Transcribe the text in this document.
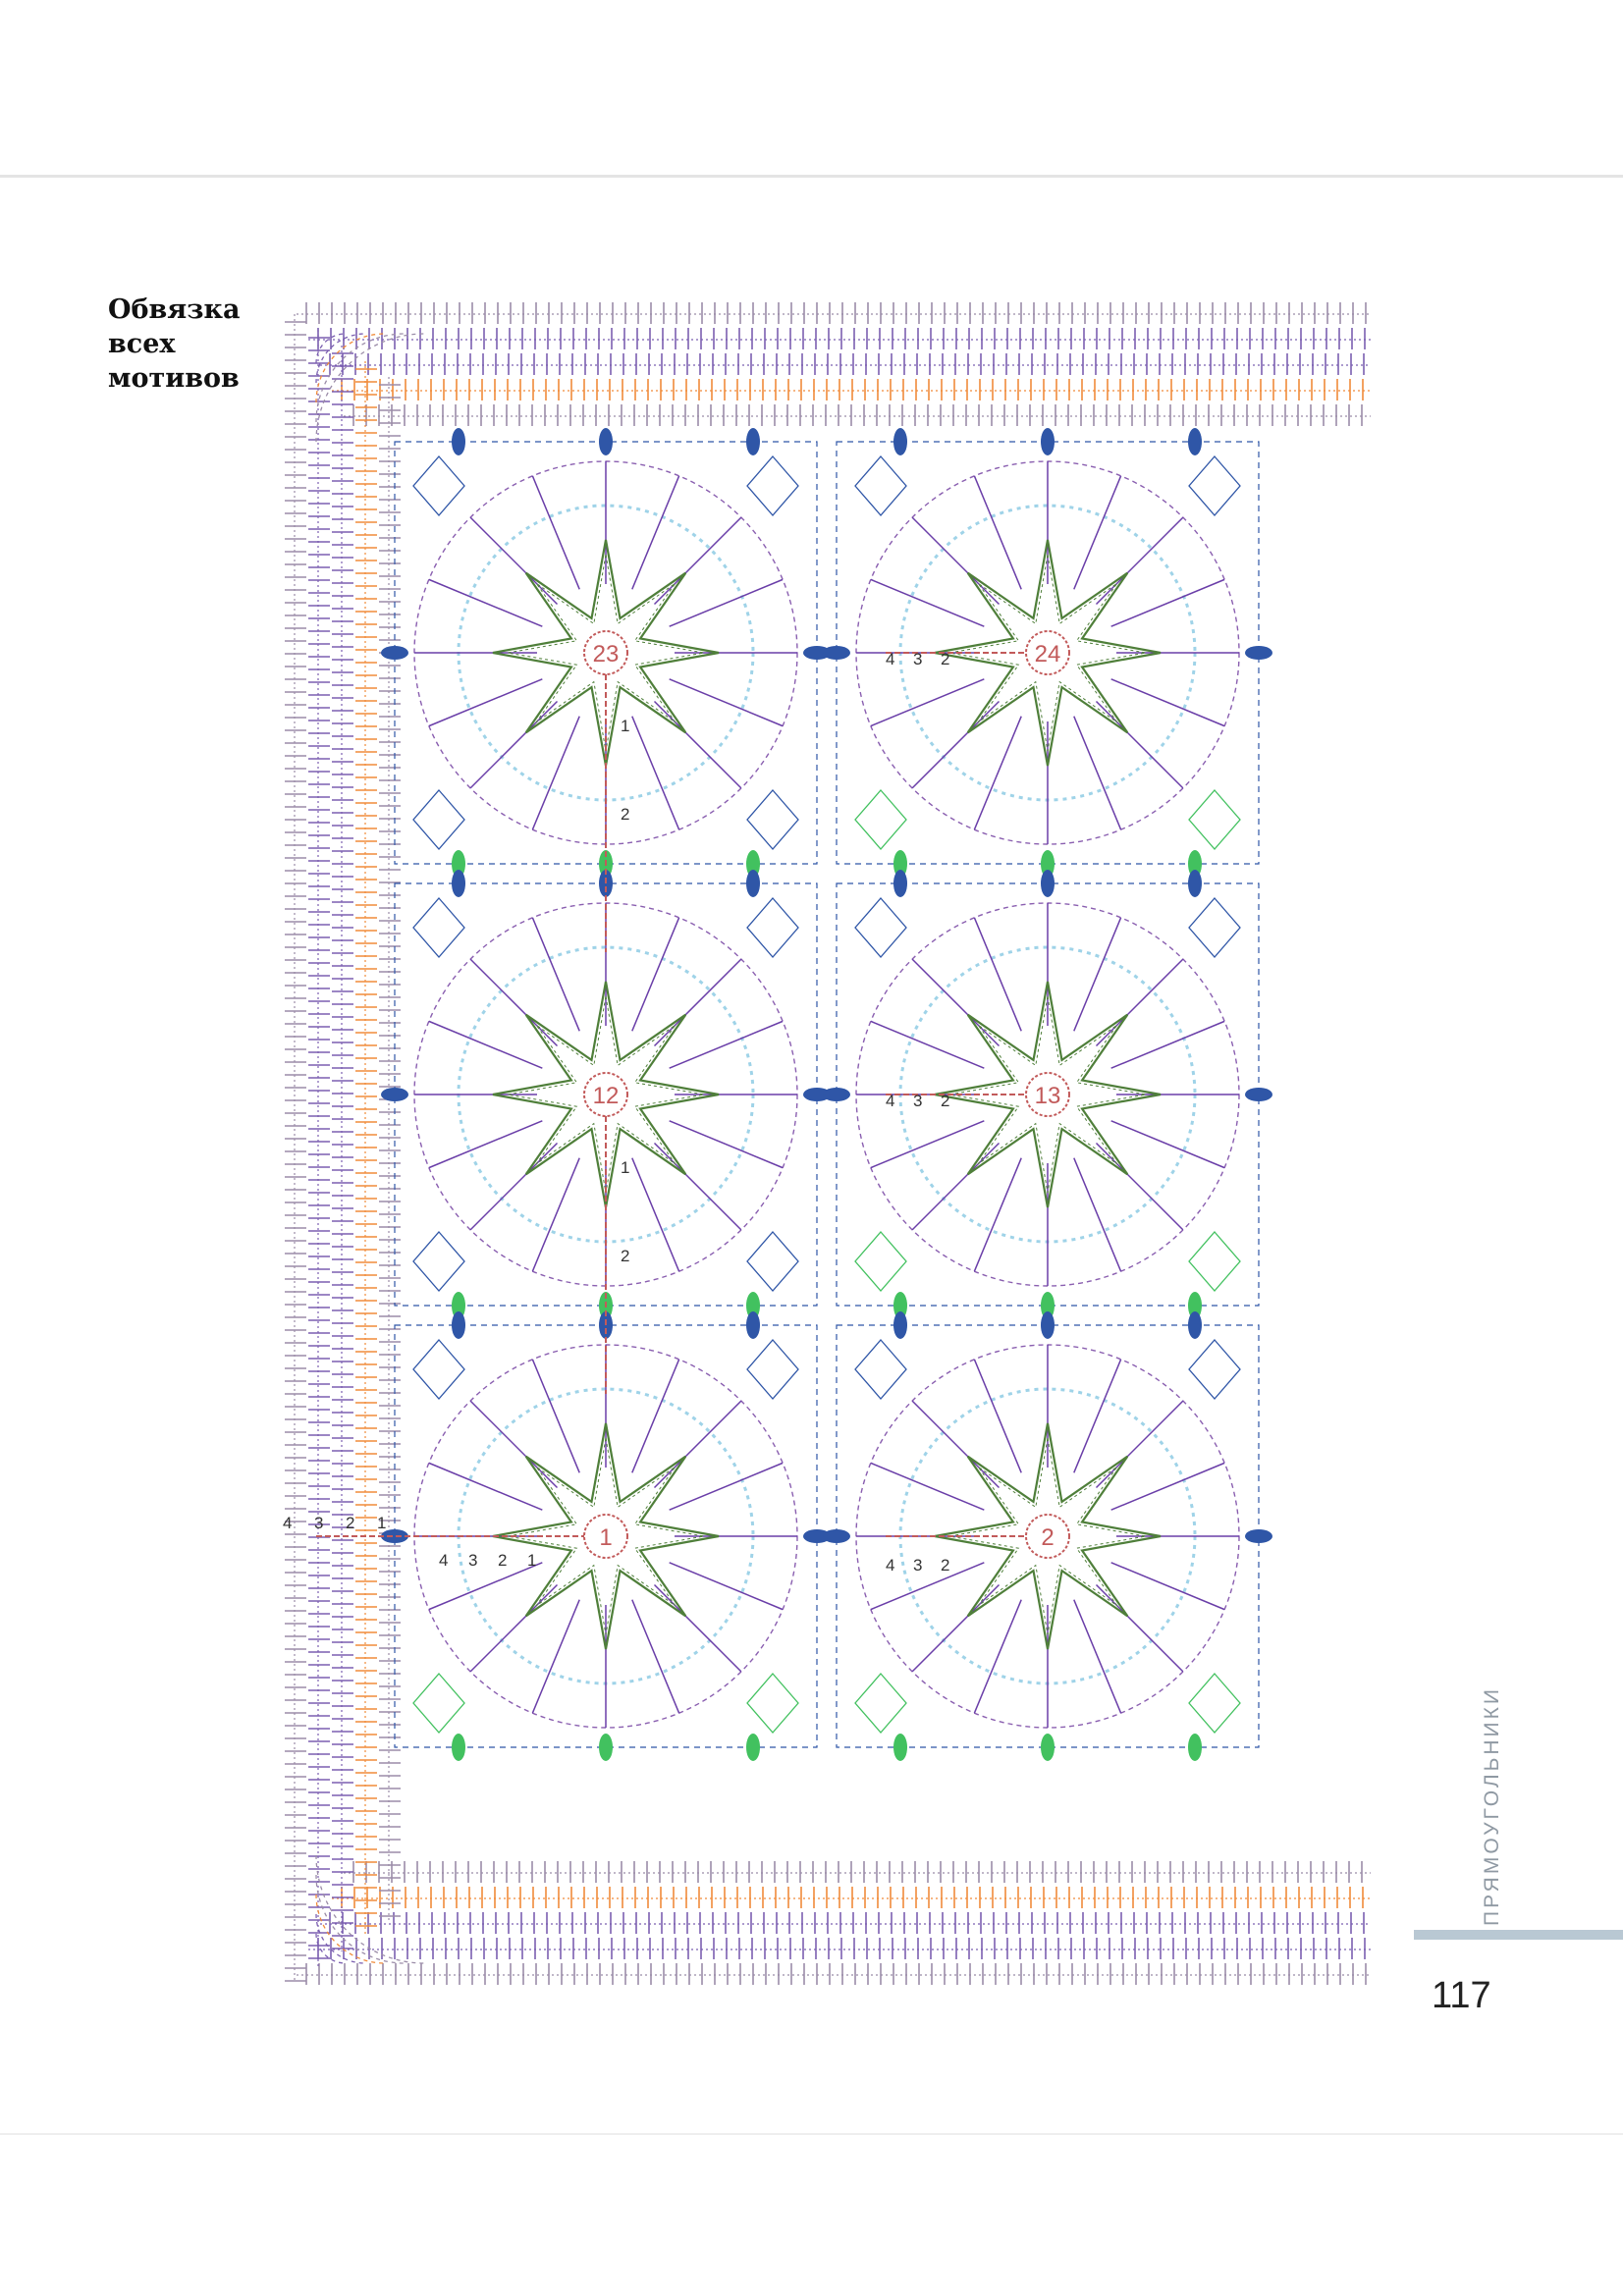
Обвязка
всех
мотивов
23	24
12	13
1	2
1
2
1
2
4 3 2
4 3 2
4 3 2 1	4 3 2
4 3 2 1
ПРЯМОУГОЛЬНИКИ
117
